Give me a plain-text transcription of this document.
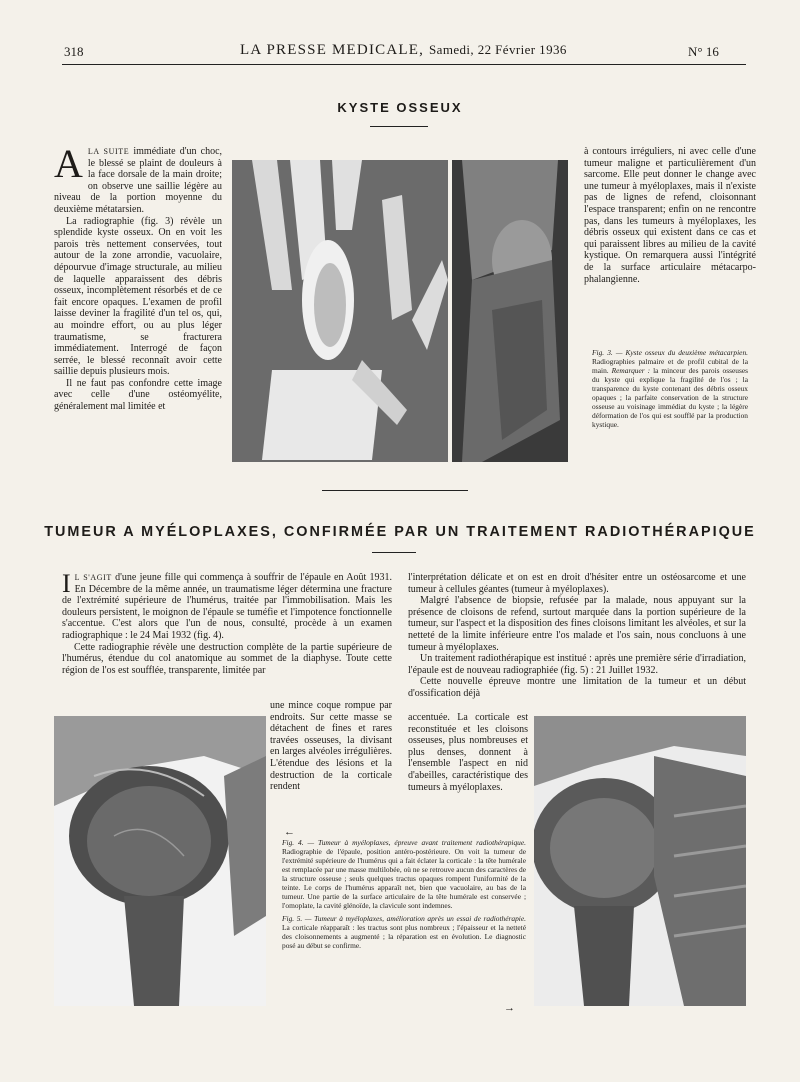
318	LA PRESSE MEDICALE, Samedi, 22 Février 1936	N° 16
KYSTE OSSEUX
A LA SUITE immédiate d'un choc, le blessé se plaint de douleurs à la face dorsale de la main droite; on observe une saillie légère au niveau de la portion moyenne du deuxième métatarsien.

La radiographie (fig. 3) révèle un splendide kyste osseux. On en voit les parois très nettement conservées, tout autour de la zone arrondie, vacuolaire, dépourvue d'image structurale, au milieu de laquelle apparaissent des débris osseux, incomplètement résorbés et de ce fait encore opaques. L'examen de profil laisse deviner la fragilité d'un tel os, qui, au moindre effort, ou au plus léger traumatisme, se fracturera immédiatement. Interrogé de façon serrée, le blessé reconnaît avoir cette saillie depuis plusieurs mois.

Il ne faut pas confondre cette image avec celle d'une ostéomyélite, généralement mal limitée et

à contours irréguliers, ni avec celle d'une tumeur maligne et particulièrement d'un sarcome. Elle peut donner le change avec une tumeur à myéloplaxes, mais il n'existe pas de lignes de refend, cloisonnant l'espace transparent; enfin on ne rencontre pas, dans les tumeurs à myéloplaxes, les débris osseux qui existent dans ce cas et qui paraissent libres au milieu de la cavité kystique. On remarquera aussi l'intégrité de la surface articulaire métacarpo-phalangienne.
Fig. 3. — Kyste osseux du deuxième métacarpien. Radiographies palmaire et de profil cubital de la main. Remarquer : la minceur des parois osseuses du kyste qui explique la fragilité de l'os ; la transparence du kyste contenant des débris osseux opaques ; la parfaite conservation de la structure osseuse au voisinage immédiat du kyste ; la légère déformation de l'os qui est soufflé par la production kystique.
TUMEUR A MYÉLOPLAXES, CONFIRMÉE PAR UN TRAITEMENT RADIOTHÉRAPIQUE
I L S'AGIT d'une jeune fille qui commença à souffrir de l'épaule en Août 1931. En Décembre de la même année, un traumatisme léger détermina une fracture de l'extrémité supérieure de l'humérus, traitée par l'immobilisation. Mais les douleurs persistent, le moignon de l'épaule se tuméfie et l'impotence fonctionnelle s'accentue. C'est alors que l'un de nous, consulté, procède à un examen radiographique : le 24 Mai 1932 (fig. 4).

Cette radiographie révèle une destruction complète de la partie supérieure de l'humérus, étendue du col anatomique au sommet de la diaphyse. Toute cette région de l'os est soufflée, transparente, limitée par

l'interprétation délicate et on est en droit d'hésiter entre un ostéosarcome et une tumeur à cellules géantes (tumeur à myéloplaxes).

Malgré l'absence de biopsie, refusée par la malade, nous appuyant sur la présence de cloisons de refend, surtout marquée dans la portion supérieure de la tumeur, sur l'aspect et la disposition des fines cloisons limitant les alvéoles, et sur la netteté de la limite inférieure entre l'os malade et l'os sain, nous concluons à une tumeur à myéloplaxes.

Un traitement radiothérapique est institué : après une première série d'irradiation, l'épaule est de nouveau radiographiée (fig. 5) : 21 Juillet 1932.

Cette nouvelle épreuve montre une limitation de la tumeur et un début d'ossification déjà

une mince coque rompue par endroits. Sur cette masse se détachent de fines et rares travées osseuses, la divisant en larges alvéoles irrégulières. L'étendue des lésions et la destruction de la corticale rendent
accentuée. La corticale est reconstituée et les cloisons osseuses, plus nombreuses et plus denses, donnent à l'ensemble l'aspect en nid d'abeilles, caractéristique des tumeurs à myéloplaxes.
←
Fig. 4. — Tumeur à myéloplaxes, épreuve avant traitement radiothérapique. Radiographie de l'épaule, position antéro-postérieure. On voit la tumeur de l'extrémité supérieure de l'humérus qui a fait éclater la corticale : la tête humérale est remplacée par une masse multilobée, où ne se retrouve aucun des caractères de la structure osseuse ; seuls quelques tractus opaques rompent l'uniformité de la teinte. Le corps de l'humérus apparaît net, bien que vacuolaire, au bas de la tumeur. Une partie de la surface articulaire de la tête humérale est conservée ; l'omoplate, la cavité glénoïde, la clavicule sont indemnes.
Fig. 5. — Tumeur à myéloplaxes, amélioration après un essai de radiothérapie. La corticale réapparaît : les tractus sont plus nombreux ; l'épaisseur et la netteté des cloisonnements a augmenté ; la réparation est en évolution. Le diagnostic posé au début se confirme.
→
